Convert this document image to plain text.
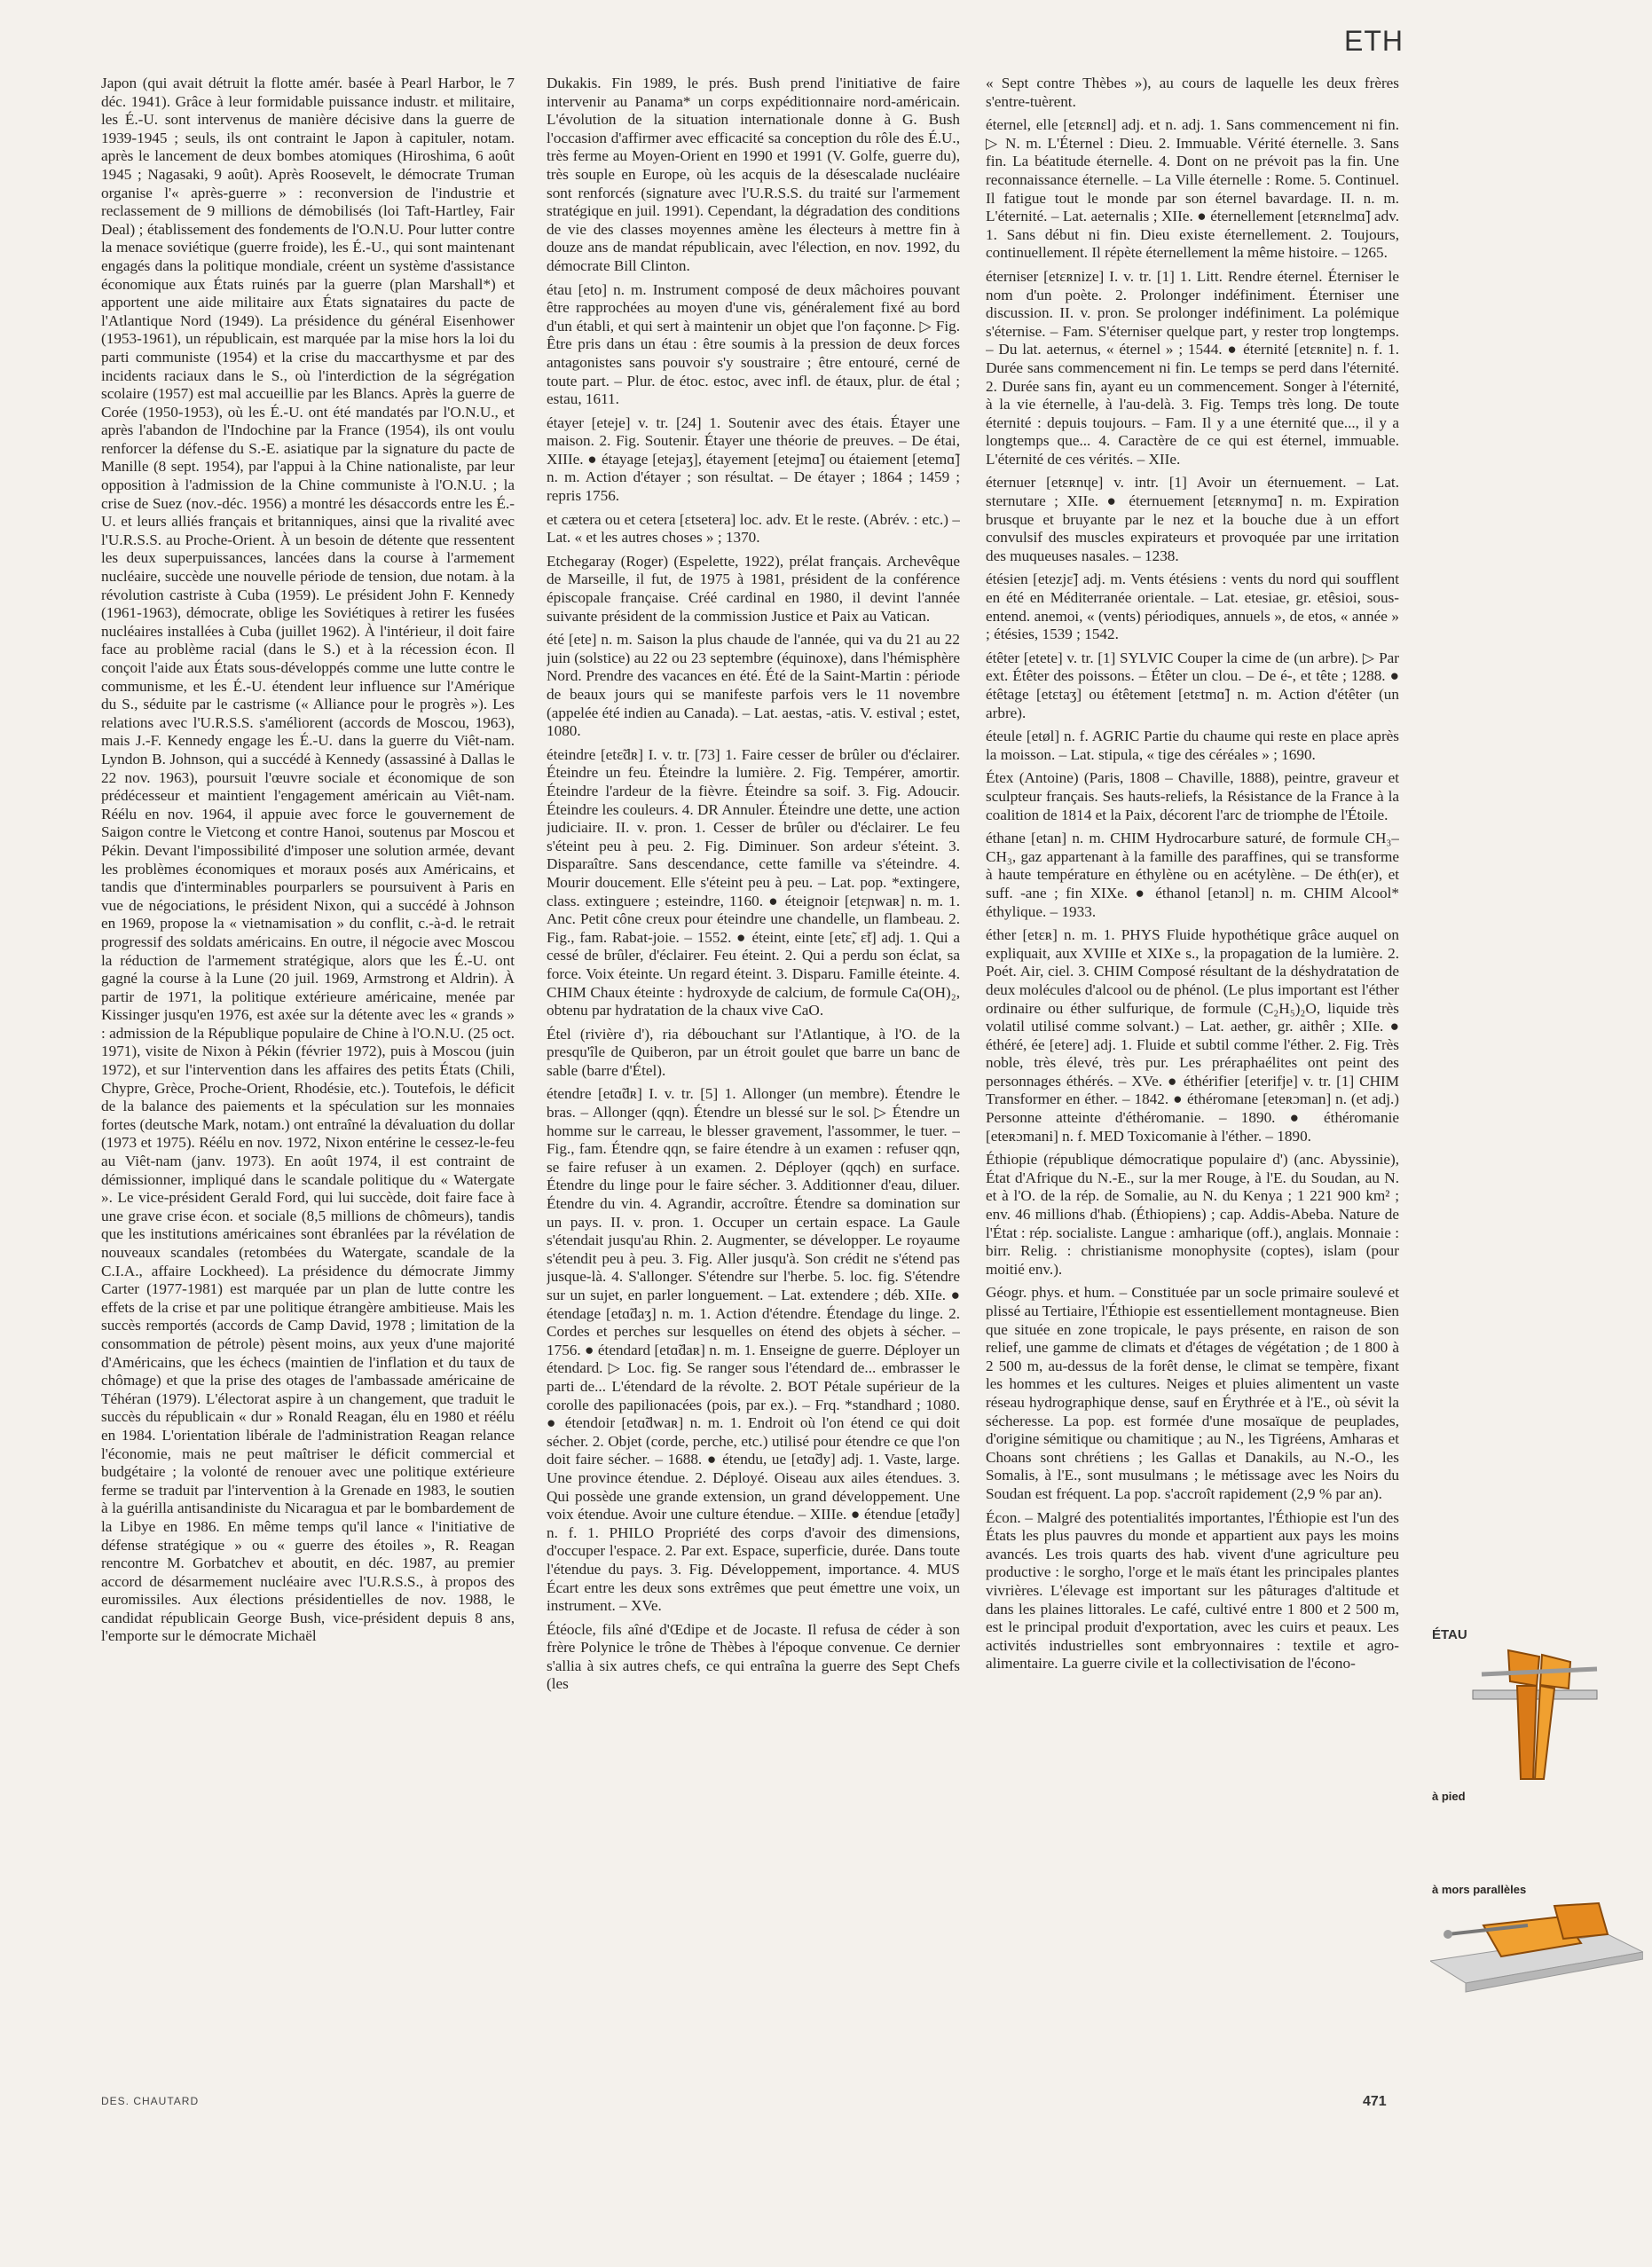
ETH

Japon (qui avait détruit la flotte amér. basée à Pearl Harbor, le 7 déc. 1941). Grâce à leur formidable puissance industr. et militaire, les É.-U. sont intervenus de manière décisive dans la guerre de 1939-1945 ; seuls, ils ont contraint le Japon à capituler, notam. après le lancement de deux bombes atomiques (Hiroshima, 6 août 1945 ; Nagasaki, 9 août). Après Roosevelt, le démocrate Truman organise l'« après-guerre » : reconversion de l'industrie et reclassement de 9 millions de démobilisés (loi Taft-Hartley, Fair Deal) ; établissement des fondements de l'O.N.U. Pour lutter contre la menace soviétique (guerre froide), les É.-U., qui sont maintenant engagés dans la politique mondiale, créent un système d'assistance économique aux États ruinés par la guerre (plan Marshall*) et apportent une aide militaire aux États signataires du pacte de l'Atlantique Nord (1949). La présidence du général Eisenhower (1953-1961), un républicain, est marquée par la mise hors la loi du parti communiste (1954) et la crise du maccarthysme et par des incidents raciaux dans le S., où l'interdiction de la ségrégation scolaire (1957) est mal accueillie par les Blancs. Après la guerre de Corée (1950-1953), où les É.-U. ont été mandatés par l'O.N.U., et après l'abandon de l'Indochine par la France (1954), ils ont voulu renforcer la défense du S.-E. asiatique par la signature du pacte de Manille (8 sept. 1954), par l'appui à la Chine nationaliste, par leur opposition à l'admission de la Chine communiste à l'O.N.U. ; la crise de Suez (nov.-déc. 1956) a montré les désaccords entre les É.-U. et leurs alliés français et britanniques, ainsi que la rivalité avec l'U.R.S.S. au Proche-Orient. À un besoin de détente que ressentent les deux superpuissances, lancées dans la course à l'armement nucléaire, succède une nouvelle période de tension, due notam. à la révolution castriste à Cuba (1959). Le président John F. Kennedy (1961-1963), démocrate, oblige les Soviétiques à retirer les fusées nucléaires installées à Cuba (juillet 1962). À l'intérieur, il doit faire face au problème racial (dans le S.) et à la récession écon. Il conçoit l'aide aux États sous-développés comme une lutte contre le communisme, et les É.-U. étendent leur influence sur l'Amérique du S., séduite par le castrisme (« Alliance pour le progrès »). Les relations avec l'U.R.S.S. s'améliorent (accords de Moscou, 1963), mais J.-F. Kennedy engage les É.-U. dans la guerre du Viêt-nam. Lyndon B. Johnson, qui a succédé à Kennedy (assassiné à Dallas le 22 nov. 1963), poursuit l'œuvre sociale et économique de son prédécesseur et maintient l'engagement américain au Viêt-nam. Réélu en nov. 1964, il appuie avec force le gouvernement de Saigon contre le Vietcong et contre Hanoi, soutenus par Moscou et Pékin. Devant l'impossibilité d'imposer une solution armée, devant les problèmes économiques et moraux posés aux Américains, et tandis que d'interminables pourparlers se poursuivent à Paris en vue de négociations, le président Nixon, qui a succédé à Johnson en 1969, propose la « vietnamisation » du conflit, c.-à-d. le retrait progressif des soldats américains. En outre, il négocie avec Moscou la réduction de l'armement stratégique, alors que les É.-U. ont gagné la course à la Lune (20 juil. 1969, Armstrong et Aldrin). À partir de 1971, la politique extérieure américaine, menée par Kissinger jusqu'en 1976, est axée sur la détente avec les « grands » : admission de la République populaire de Chine à l'O.N.U. (25 oct. 1971), visite de Nixon à Pékin (février 1972), puis à Moscou (juin 1972), et sur l'intervention dans les affaires des petits États (Chili, Chypre, Grèce, Proche-Orient, Rhodésie, etc.). Toutefois, le déficit de la balance des paiements et la spéculation sur les monnaies fortes (deutsche Mark, notam.) ont entraîné la dévaluation du dollar (1973 et 1975). Réélu en nov. 1972, Nixon entérine le cessez-le-feu au Viêt-nam (janv. 1973). En août 1974, il est contraint de démissionner, impliqué dans le scandale politique du « Watergate ». Le vice-président Gerald Ford, qui lui succède, doit faire face à une grave crise écon. et sociale (8,5 millions de chômeurs), tandis que les institutions américaines sont ébranlées par la révélation de nouveaux scandales (retombées du Watergate, scandale de la C.I.A., affaire Lockheed). La présidence du démocrate Jimmy Carter (1977-1981) est marquée par un plan de lutte contre les effets de la crise et par une politique étrangère ambitieuse. Mais les succès remportés (accords de Camp David, 1978 ; limitation de la consommation de pétrole) pèsent moins, aux yeux d'une majorité d'Américains, que les échecs (maintien de l'inflation et du taux de chômage) et que la prise des otages de l'ambassade américaine de Téhéran (1979). L'électorat aspire à un changement, que traduit le succès du républicain « dur » Ronald Reagan, élu en 1980 et réélu en 1984. L'orientation libérale de l'administration Reagan relance l'économie, mais ne peut maîtriser le déficit commercial et budgétaire ; la volonté de renouer avec une politique extérieure ferme se traduit par l'intervention à la Grenade en 1983, le soutien à la guérilla antisandiniste du Nicaragua et par le bombardement de la Libye en 1986. En même temps qu'il lance « l'initiative de défense stratégique » ou « guerre des étoiles », R. Reagan rencontre M. Gorbatchev et aboutit, en déc. 1987, au premier accord de désarmement nucléaire avec l'U.R.S.S., à propos des euromissiles. Aux élections présidentielles de nov. 1988, le candidat républicain George Bush, vice-président depuis 8 ans, l'emporte sur le démocrate Michaël

Dukakis. Fin 1989, le prés. Bush prend l'initiative de faire intervenir au Panama* un corps expéditionnaire nord-américain. L'évolution de la situation internationale donne à G. Bush l'occasion d'affirmer avec efficacité sa conception du rôle des É.U., très ferme au Moyen-Orient en 1990 et 1991 (V. Golfe, guerre du), très souple en Europe, où les acquis de la désescalade nucléaire sont renforcés (signature avec l'U.R.S.S. du traité sur l'armement stratégique en juil. 1991). Cependant, la dégradation des conditions de vie des classes moyennes amène les électeurs à mettre fin à douze ans de mandat républicain, avec l'élection, en nov. 1992, du démocrate Bill Clinton.

étau [eto] n. m. Instrument composé de deux mâchoires pouvant être rapprochées au moyen d'une vis, généralement fixé au bord d'un établi, et qui sert à maintenir un objet que l'on façonne. ▷ Fig. Être pris dans un étau : être soumis à la pression de deux forces antagonistes sans pouvoir s'y soustraire ; être entouré, cerné de toute part. – Plur. de étoc. estoc, avec infl. de étaux, plur. de étal ; estau, 1611.

étayer [eteje] v. tr. [24] 1. Soutenir avec des étais. Étayer une maison. 2. Fig. Soutenir. Étayer une théorie de preuves. – De étai, XIIIe. ● étayage [etejaʒ], étayement [etejmɑ̃] ou étaiement [etemɑ̃] n. m. Action d'étayer ; son résultat. – De étayer ; 1864 ; 1459 ; repris 1756.

et cætera ou et cetera [ɛtsetera] loc. adv. Et le reste. (Abrév. : etc.) – Lat. « et les autres choses » ; 1370.

Etchegaray (Roger) (Espelette, 1922), prélat français. Archevêque de Marseille, il fut, de 1975 à 1981, président de la conférence épiscopale française. Créé cardinal en 1980, il devint l'année suivante président de la commission Justice et Paix au Vatican.

été [ete] n. m. Saison la plus chaude de l'année, qui va du 21 au 22 juin (solstice) au 22 ou 23 septembre (équinoxe), dans l'hémisphère Nord. Prendre des vacances en été. Été de la Saint-Martin : période de beaux jours qui se manifeste parfois vers le 11 novembre (appelée été indien au Canada). – Lat. aestas, -atis. V. estival ; estet, 1080.

éteindre [etɛ̃dʀ] I. v. tr. [73] 1. Faire cesser de brûler ou d'éclairer. Éteindre un feu. Éteindre la lumière. 2. Fig. Tempérer, amortir. Éteindre l'ardeur de la fièvre. Éteindre sa soif. 3. Fig. Adoucir. Éteindre les couleurs. 4. DR Annuler. Éteindre une dette, une action judiciaire. II. v. pron. 1. Cesser de brûler ou d'éclairer. Le feu s'éteint peu à peu. 2. Fig. Diminuer. Son ardeur s'éteint. 3. Disparaître. Sans descendance, cette famille va s'éteindre. 4. Mourir doucement. Elle s'éteint peu à peu. – Lat. pop. *extingere, class. extinguere ; esteindre, 1160. ● éteignoir [etɛɲwaʀ] n. m. 1. Anc. Petit cône creux pour éteindre une chandelle, un flambeau. 2. Fig., fam. Rabat-joie. – 1552. ● éteint, einte [etɛ̃, ɛ̃t] adj. 1. Qui a cessé de brûler, d'éclairer. Feu éteint. 2. Qui a perdu son éclat, sa force. Voix éteinte. Un regard éteint. 3. Disparu. Famille éteinte. 4. CHIM Chaux éteinte : hydroxyde de calcium, de formule Ca(OH)₂, obtenu par hydratation de la chaux vive CaO.

Étel (rivière d'), ria débouchant sur l'Atlantique, à l'O. de la presqu'île de Quiberon, par un étroit goulet que barre un banc de sable (barre d'Étel).

étendre [etɑ̃dʀ] I. v. tr. [5] 1. Allonger (un membre). Étendre le bras. – Allonger (qqn). Étendre un blessé sur le sol. ▷ Étendre un homme sur le carreau, le blesser gravement, l'assommer, le tuer. – Fig., fam. Étendre qqn, se faire étendre à un examen : refuser qqn, se faire refuser à un examen. 2. Déployer (qqch) en surface. Étendre du linge pour le faire sécher. 3. Additionner d'eau, diluer. Étendre du vin. 4. Agrandir, accroître. Étendre sa domination sur un pays. II. v. pron. 1. Occuper un certain espace. La Gaule s'étendait jusqu'au Rhin. 2. Augmenter, se développer. Le royaume s'étendit peu à peu. 3. Fig. Aller jusqu'à. Son crédit ne s'étend pas jusque-là. 4. S'allonger. S'étendre sur l'herbe. 5. loc. fig. S'étendre sur un sujet, en parler longuement. – Lat. extendere ; déb. XIIe. ● étendage [etɑ̃daʒ] n. m. 1. Action d'étendre. Étendage du linge. 2. Cordes et perches sur lesquelles on étend des objets à sécher. – 1756. ● étendard [etɑ̃daʀ] n. m. 1. Enseigne de guerre. Déployer un étendard. ▷ Loc. fig. Se ranger sous l'étendard de... embrasser le parti de... L'étendard de la révolte. 2. BOT Pétale supérieur de la corolle des papilionacées (pois, par ex.). – Frq. *standhard ; 1080. ● étendoir [etɑ̃dwaʀ] n. m. 1. Endroit où l'on étend ce qui doit sécher. 2. Objet (corde, perche, etc.) utilisé pour étendre ce que l'on doit faire sécher. – 1688. ● étendu, ue [etɑ̃dy] adj. 1. Vaste, large. Une province étendue. 2. Déployé. Oiseau aux ailes étendues. 3. Qui possède une grande extension, un grand développement. Une voix étendue. Avoir une culture étendue. – XIIIe. ● étendue [etɑ̃dy] n. f. 1. PHILO Propriété des corps d'avoir des dimensions, d'occuper l'espace. 2. Par ext. Espace, superficie, durée. Dans toute l'étendue du pays. 3. Fig. Développement, importance. 4. MUS Écart entre les deux sons extrêmes que peut émettre une voix, un instrument. – XVe.

Étéocle, fils aîné d'Œdipe et de Jocaste. Il refusa de céder à son frère Polynice le trône de Thèbes à l'époque convenue. Ce dernier s'allia à six autres chefs, ce qui entraîna la guerre des Sept Chefs (les

« Sept contre Thèbes »), au cours de laquelle les deux frères s'entre-tuèrent.

éternel, elle [etɛʀnɛl] adj. et n. adj. 1. Sans commencement ni fin. ▷ N. m. L'Éternel : Dieu. 2. Immuable. Vérité éternelle. 3. Sans fin. La béatitude éternelle. 4. Dont on ne prévoit pas la fin. Une reconnaissance éternelle. – La Ville éternelle : Rome. 5. Continuel. Il fatigue tout le monde par son éternel bavardage. II. n. m. L'éternité. – Lat. aeternalis ; XIIe. ● éternellement [etɛʀnɛlmɑ̃] adv. 1. Sans début ni fin. Dieu existe éternellement. 2. Toujours, continuellement. Il répète éternellement la même histoire. – 1265.

éterniser [etɛʀnize] I. v. tr. [1] 1. Litt. Rendre éternel. Éterniser le nom d'un poète. 2. Prolonger indéfiniment. Éterniser une discussion. II. v. pron. Se prolonger indéfiniment. La polémique s'éternise. – Fam. S'éterniser quelque part, y rester trop longtemps. – Du lat. aeternus, « éternel » ; 1544. ● éternité [etɛʀnite] n. f. 1. Durée sans commencement ni fin. Le temps se perd dans l'éternité. 2. Durée sans fin, ayant eu un commencement. Songer à l'éternité, à la vie éternelle, à l'au-delà. 3. Fig. Temps très long. De toute éternité : depuis toujours. – Fam. Il y a une éternité que..., il y a longtemps que... 4. Caractère de ce qui est éternel, immuable. L'éternité de ces vérités. – XIIe.

éternuer [etɛʀnɥe] v. intr. [1] Avoir un éternuement. – Lat. sternutare ; XIIe. ● éternuement [etɛʀnymɑ̃] n. m. Expiration brusque et bruyante par le nez et la bouche due à un effort convulsif des muscles expirateurs et provoquée par une irritation des muqueuses nasales. – 1238.

étésien [etezjɛ̃] adj. m. Vents étésiens : vents du nord qui soufflent en été en Méditerranée orientale. – Lat. etesiae, gr. etêsioi, sous-entend. anemoi, « (vents) périodiques, annuels », de etos, « année » ; étésies, 1539 ; 1542.

étêter [etete] v. tr. [1] SYLVIC Couper la cime de (un arbre). ▷ Par ext. Étêter des poissons. – Étêter un clou. – De é-, et tête ; 1288. ● étêtage [etɛtaʒ] ou étêtement [etɛtmɑ̃] n. m. Action d'étêter (un arbre).

éteule [etøl] n. f. AGRIC Partie du chaume qui reste en place après la moisson. – Lat. stipula, « tige des céréales » ; 1690.

Étex (Antoine) (Paris, 1808 – Chaville, 1888), peintre, graveur et sculpteur français. Ses hauts-reliefs, la Résistance de la France à la coalition de 1814 et la Paix, décorent l'arc de triomphe de l'Étoile.

éthane [etan] n. m. CHIM Hydrocarbure saturé, de formule CH₃–CH₃, gaz appartenant à la famille des paraffines, qui se transforme à haute température en éthylène ou en acétylène. – De éth(er), et suff. -ane ; fin XIXe. ● éthanol [etanɔl] n. m. CHIM Alcool* éthylique. – 1933.

éther [etɛʀ] n. m. 1. PHYS Fluide hypothétique grâce auquel on expliquait, aux XVIIIe et XIXe s., la propagation de la lumière. 2. Poét. Air, ciel. 3. CHIM Composé résultant de la déshydratation de deux molécules d'alcool ou de phénol. (Le plus important est l'éther ordinaire ou éther sulfurique, de formule (C₂H₅)₂O, liquide très volatil utilisé comme solvant.) – Lat. aether, gr. aithêr ; XIIe. ● éthéré, ée [etere] adj. 1. Fluide et subtil comme l'éther. 2. Fig. Très noble, très élevé, très pur. Les préraphaélites ont peint des personnages éthérés. – XVe. ● éthérifier [eterifje] v. tr. [1] CHIM Transformer en éther. – 1842. ● éthéromane [eteʀɔman] n. (et adj.) Personne atteinte d'éthéromanie. – 1890. ● éthéromanie [eteʀɔmani] n. f. MED Toxicomanie à l'éther. – 1890.

Éthiopie (république démocratique populaire d') (anc. Abyssinie), État d'Afrique du N.-E., sur la mer Rouge, à l'E. du Soudan, au N. et à l'O. de la rép. de Somalie, au N. du Kenya ; 1 221 900 km² ; env. 46 millions d'hab. (Éthiopiens) ; cap. Addis-Abeba. Nature de l'État : rép. socialiste. Langue : amharique (off.), anglais. Monnaie : birr. Relig. : christianisme monophysite (coptes), islam (pour moitié env.).

Géogr. phys. et hum. – Constituée par un socle primaire soulevé et plissé au Tertiaire, l'Éthiopie est essentiellement montagneuse. Bien que située en zone tropicale, le pays présente, en raison de son relief, une gamme de climats et d'étages de végétation ; de 1 800 à 2 500 m, au-dessus de la forêt dense, le climat se tempère, fixant les hommes et les cultures. Neiges et pluies alimentent un vaste réseau hydrographique dense, sauf en Érythrée et à l'E., où sévit la sécheresse. La pop. est formée d'une mosaïque de peuplades, d'origine sémitique ou chamitique ; au N., les Tigréens, Amharas et Choans sont chrétiens ; les Gallas et Danakils, au N.-O., les Somalis, à l'E., sont musulmans ; le métissage avec les Noirs du Soudan est fréquent. La pop. s'accroît rapidement (2,9 % par an).

Écon. – Malgré des potentialités importantes, l'Éthiopie est l'un des États les plus pauvres du monde et appartient aux pays les moins avancés. Les trois quarts des hab. vivent d'une agriculture peu productive : le sorgho, l'orge et le maïs étant les principales plantes vivrières. L'élevage est important sur les pâturages d'altitude et dans les plaines littorales. Le café, cultivé entre 1 800 et 2 500 m, est le principal produit d'exportation, avec les cuirs et peaux. Les activités industrielles sont embryonnaires : textile et agro-alimentaire. La guerre civile et la collectivisation de l'écono-

ÉTAU
à pied
à mors parallèles
DES. CHAUTARD	471
